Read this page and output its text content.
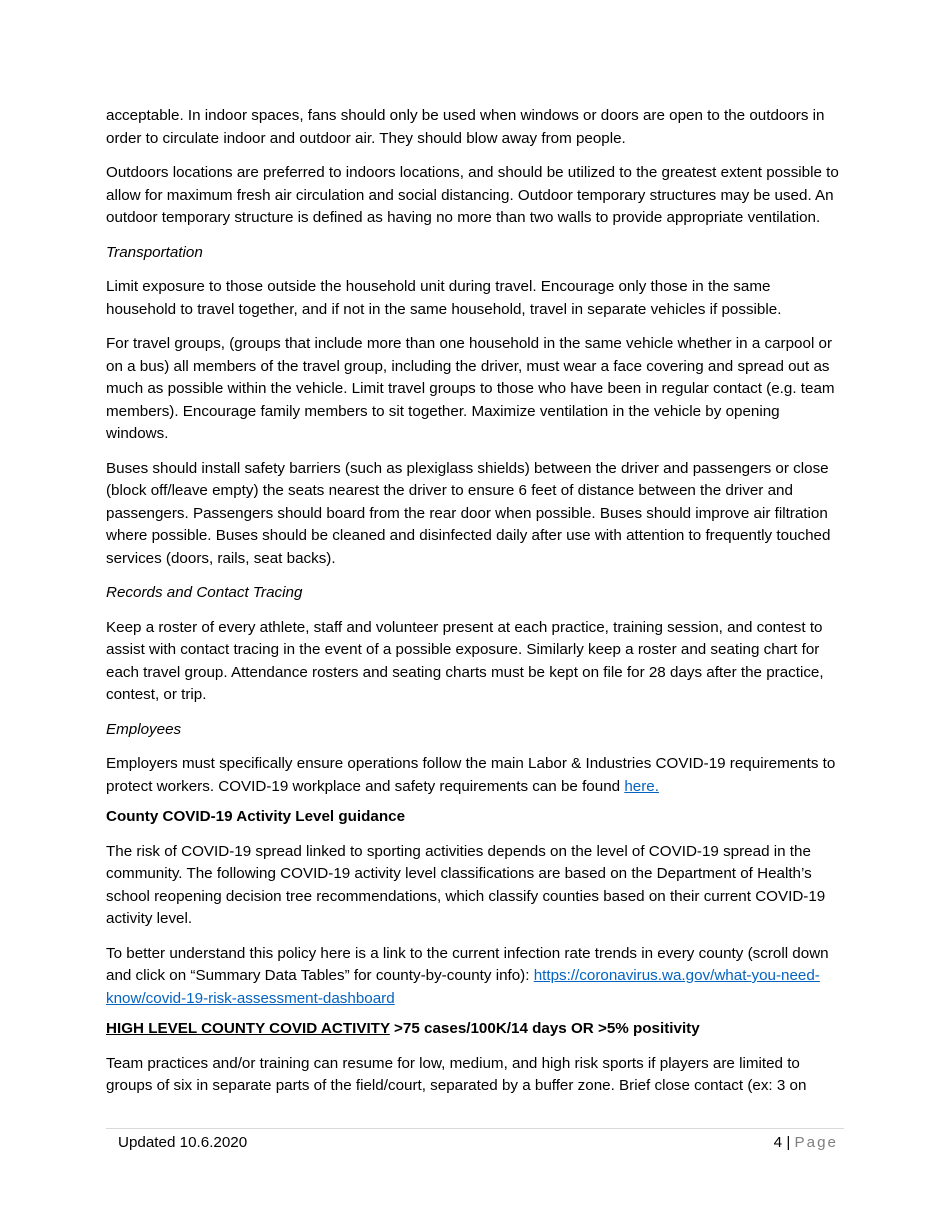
acceptable. In indoor spaces, fans should only be used when windows or doors are open to the outdoors in order to circulate indoor and outdoor air. They should blow away from people.

Outdoors locations are preferred to indoors locations, and should be utilized to the greatest extent possible to allow for maximum fresh air circulation and social distancing. Outdoor temporary structures may be used. An outdoor temporary structure is defined as having no more than two walls to provide appropriate ventilation.

Transportation

Limit exposure to those outside the household unit during travel. Encourage only those in the same household to travel together, and if not in the same household, travel in separate vehicles if possible.

For travel groups, (groups that include more than one household in the same vehicle whether in a carpool or on a bus) all members of the travel group, including the driver, must wear a face covering and spread out as much as possible within the vehicle. Limit travel groups to those who have been in regular contact (e.g. team members). Encourage family members to sit together. Maximize ventilation in the vehicle by opening windows.

Buses should install safety barriers (such as plexiglass shields) between the driver and passengers or close (block off/leave empty) the seats nearest the driver to ensure 6 feet of distance between the driver and passengers. Passengers should board from the rear door when possible. Buses should improve air filtration where possible. Buses should be cleaned and disinfected daily after use with attention to frequently touched services (doors, rails, seat backs).

Records and Contact Tracing

Keep a roster of every athlete, staff and volunteer present at each practice, training session, and contest to assist with contact tracing in the event of a possible exposure. Similarly keep a roster and seating chart for each travel group. Attendance rosters and seating charts must be kept on file for 28 days after the practice, contest, or trip.

Employees

Employers must specifically ensure operations follow the main Labor & Industries COVID-19 requirements to protect workers. COVID-19 workplace and safety requirements can be found here.

County COVID-19 Activity Level guidance

The risk of COVID-19 spread linked to sporting activities depends on the level of COVID-19 spread in the community. The following COVID-19 activity level classifications are based on the Department of Health’s school reopening decision tree recommendations, which classify counties based on their current COVID-19 activity level.

To better understand this policy here is a link to the current infection rate trends in every county (scroll down and click on “Summary Data Tables” for county-by-county info): https://coronavirus.wa.gov/what-you-need-know/covid-19-risk-assessment-dashboard

HIGH LEVEL COUNTY COVID ACTIVITY >75 cases/100K/14 days OR >5% positivity

Team practices and/or training can resume for low, medium, and high risk sports if players are limited to groups of six in separate parts of the field/court, separated by a buffer zone. Brief close contact (ex: 3 on

Updated 10.6.2020	4 | Page
